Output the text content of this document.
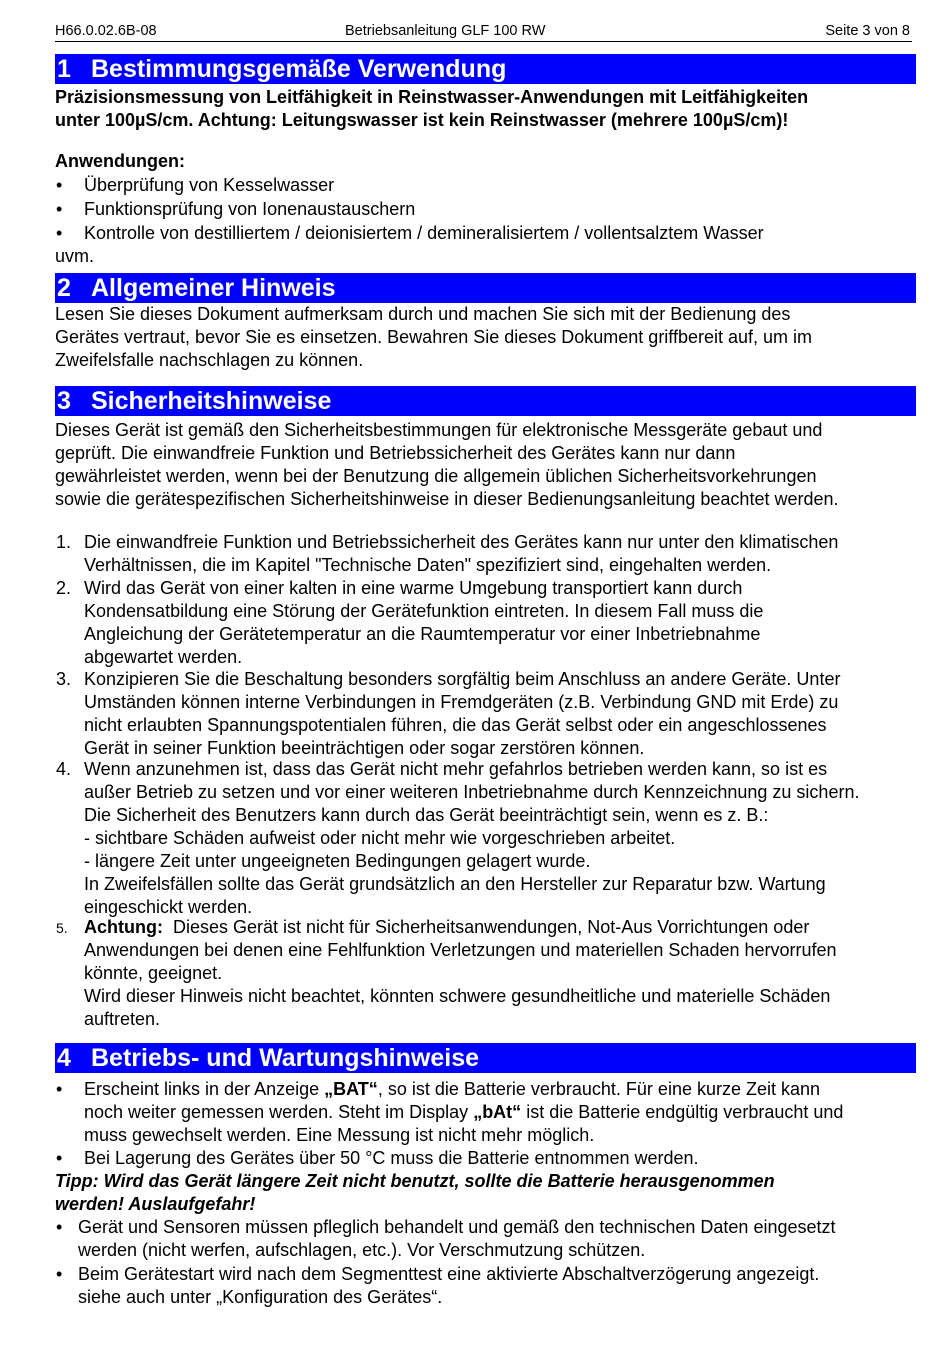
H66.0.02.6B-08	Betriebsanleitung GLF 100 RW	Seite 3 von 8
1 Bestimmungsgemäße Verwendung
Präzisionsmessung von Leitfähigkeit in Reinstwasser-Anwendungen mit Leitfähigkeiten
unter 100µS/cm. Achtung: Leitungswasser ist kein Reinstwasser (mehrere 100µS/cm)!
Anwendungen:
• Überprüfung von Kesselwasser
• Funktionsprüfung von Ionenaustauschern
• Kontrolle von destilliertem / deionisiertem / demineralisiertem / vollentsalztem Wasser
uvm.
2 Allgemeiner Hinweis
Lesen Sie dieses Dokument aufmerksam durch und machen Sie sich mit der Bedienung des
Gerätes vertraut, bevor Sie es einsetzen. Bewahren Sie dieses Dokument griffbereit auf, um im
Zweifelsfalle nachschlagen zu können.
3 Sicherheitshinweise
Dieses Gerät ist gemäß den Sicherheitsbestimmungen für elektronische Messgeräte gebaut und
geprüft. Die einwandfreie Funktion und Betriebssicherheit des Gerätes kann nur dann
gewährleistet werden, wenn bei der Benutzung die allgemein üblichen Sicherheitsvorkehrungen
sowie die gerätespezifischen Sicherheitshinweise in dieser Bedienungsanleitung beachtet werden.
1. Die einwandfreie Funktion und Betriebssicherheit des Gerätes kann nur unter den klimatischen
Verhältnissen, die im Kapitel "Technische Daten" spezifiziert sind, eingehalten werden.
2. Wird das Gerät von einer kalten in eine warme Umgebung transportiert kann durch
Kondensatbildung eine Störung der Gerätefunktion eintreten. In diesem Fall muss die
Angleichung der Gerätetemperatur an die Raumtemperatur vor einer Inbetriebnahme
abgewartet werden.
3. Konzipieren Sie die Beschaltung besonders sorgfältig beim Anschluss an andere Geräte. Unter
Umständen können interne Verbindungen in Fremdgeräten (z.B. Verbindung GND mit Erde) zu
nicht erlaubten Spannungspotentialen führen, die das Gerät selbst oder ein angeschlossenes
Gerät in seiner Funktion beeinträchtigen oder sogar zerstören können.
4. Wenn anzunehmen ist, dass das Gerät nicht mehr gefahrlos betrieben werden kann, so ist es
außer Betrieb zu setzen und vor einer weiteren Inbetriebnahme durch Kennzeichnung zu sichern.
Die Sicherheit des Benutzers kann durch das Gerät beeinträchtigt sein, wenn es z. B.:
- sichtbare Schäden aufweist oder nicht mehr wie vorgeschrieben arbeitet.
- längere Zeit unter ungeeigneten Bedingungen gelagert wurde.
In Zweifelsfällen sollte das Gerät grundsätzlich an den Hersteller zur Reparatur bzw. Wartung
eingeschickt werden.
5. Achtung:  Dieses Gerät ist nicht für Sicherheitsanwendungen, Not-Aus Vorrichtungen oder
Anwendungen bei denen eine Fehlfunktion Verletzungen und materiellen Schaden hervorrufen
könnte, geeignet.
Wird dieser Hinweis nicht beachtet, könnten schwere gesundheitliche und materielle Schäden
auftreten.
4 Betriebs- und Wartungshinweise
• Erscheint links in der Anzeige „BAT“, so ist die Batterie verbraucht. Für eine kurze Zeit kann
noch weiter gemessen werden. Steht im Display „bAt“ ist die Batterie endgültig verbraucht und
muss gewechselt werden. Eine Messung ist nicht mehr möglich.
• Bei Lagerung des Gerätes über 50 °C muss die Batterie entnommen werden.
Tipp: Wird das Gerät längere Zeit nicht benutzt, sollte die Batterie herausgenommen
werden! Auslaufgefahr!
• Gerät und Sensoren müssen pfleglich behandelt und gemäß den technischen Daten eingesetzt
werden (nicht werfen, aufschlagen, etc.). Vor Verschmutzung schützen.
• Beim Gerätestart wird nach dem Segmenttest eine aktivierte Abschaltverzögerung angezeigt.
siehe auch unter „Konfiguration des Gerätes“.
